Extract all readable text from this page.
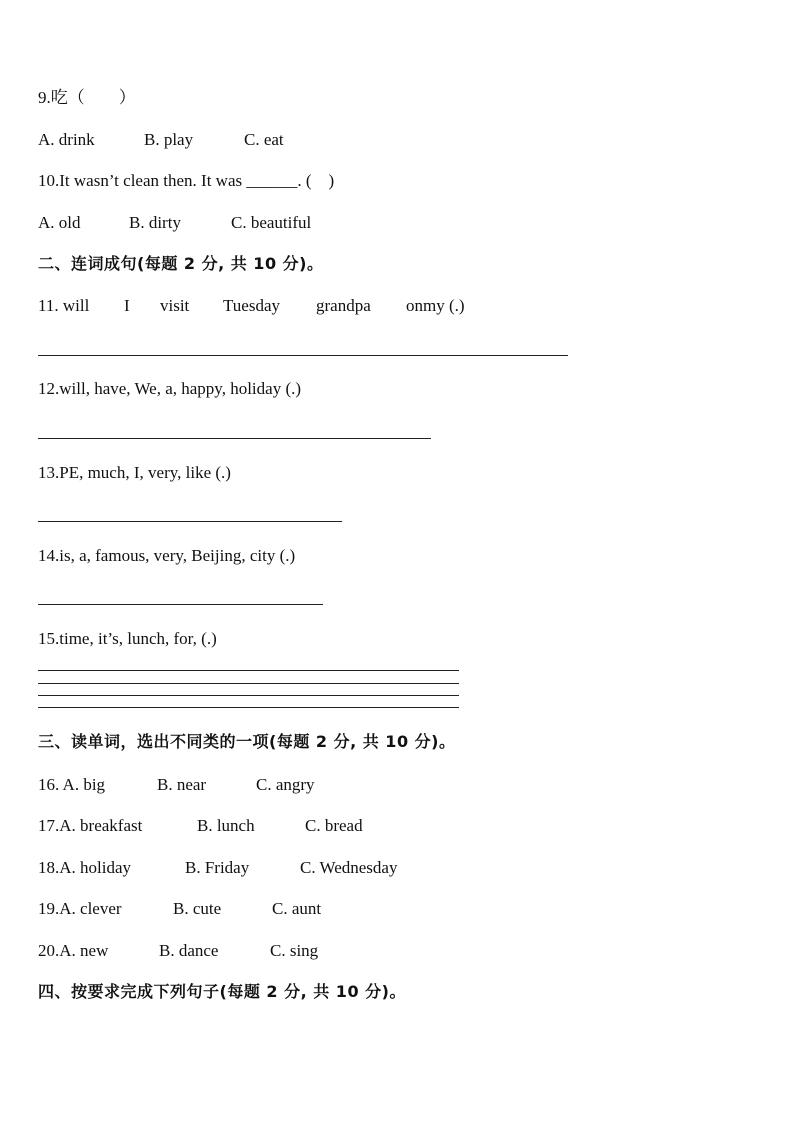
9.吃（　　）
A. drink	B. play	C. eat
10.It wasn’t clean then. It was ______. (　)
A. old	B. dirty	C. beautiful
二、连词成句(每题 2 分, 共 10 分)。
11. will I visit Tuesday grandpa onmy (.)
12.will, have, We, a, happy, holiday (.)
13.PE, much, I, very, like (.)
14.is, a, famous, very, Beijing, city (.)
15.time, it’s, lunch, for, (.)
三、读单词，选出不同类的一项(每题 2 分, 共 10 分)。
16. A. big	B. near	C. angry
17.A. breakfast	B. lunch	C. bread
18.A. holiday	B. Friday	C. Wednesday
19.A. clever	B. cute	C. aunt
20.A. new	B. dance	C. sing
四、按要求完成下列句子(每题 2 分, 共 10 分)。
